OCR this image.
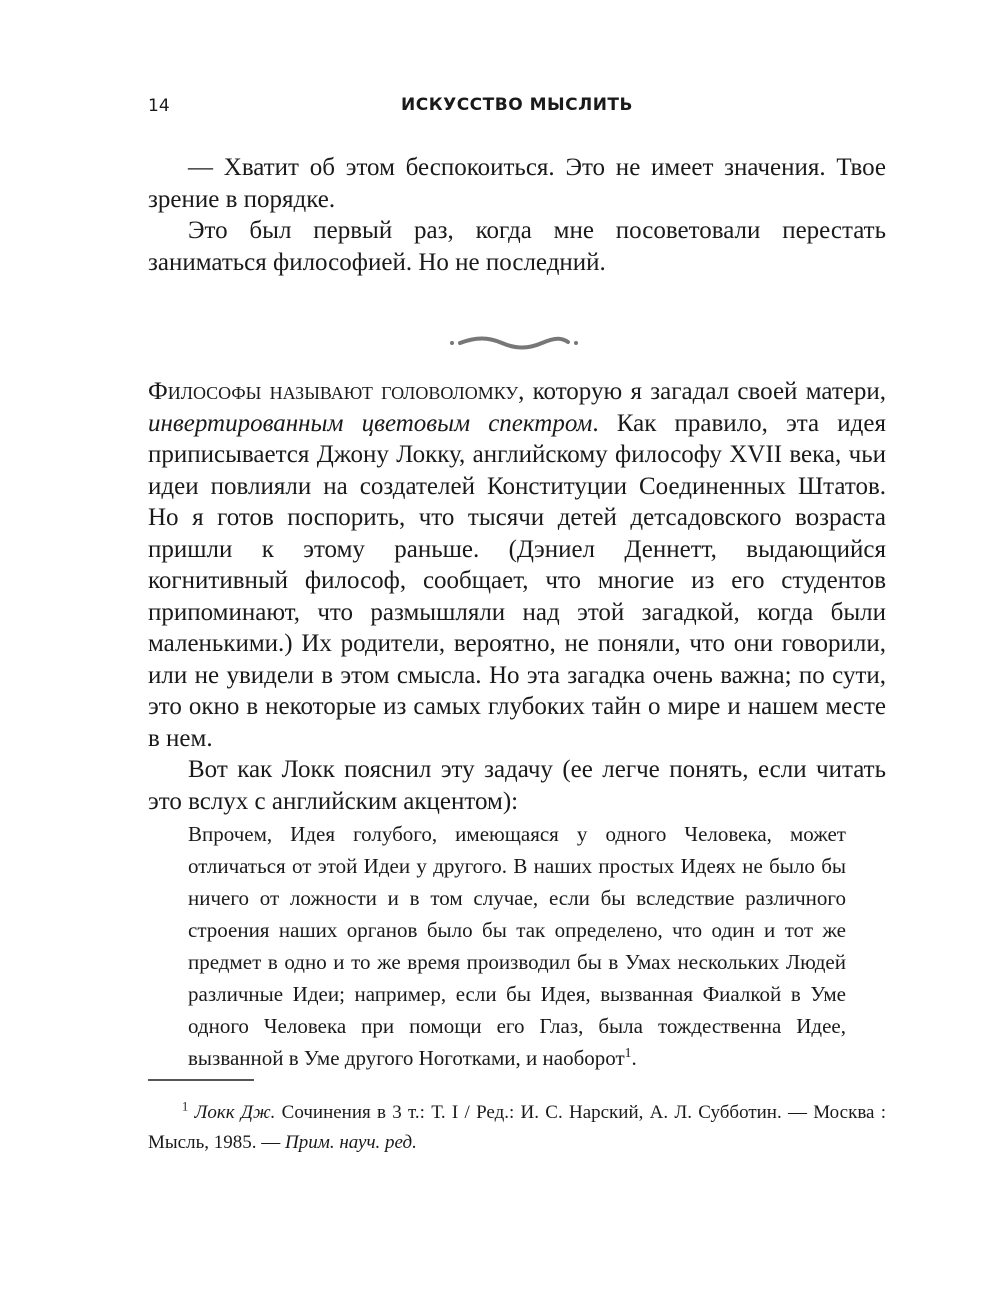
14	ИСКУССТВО МЫСЛИТЬ

— Хватит об этом беспокоиться. Это не имеет значения. Твое зрение в порядке.

Это был первый раз, когда мне посоветовали перестать заниматься философией. Но не последний.

Философы называют головоломку, которую я загадал своей матери, инвертированным цветовым спектром. Как правило, эта идея приписывается Джону Локку, английскому философу XVII века, чьи идеи повлияли на создателей Конституции Соединенных Штатов. Но я готов поспорить, что тысячи детей детсадовского возраста пришли к этому раньше. (Дэниел Деннетт, выдающийся когнитивный философ, сообщает, что многие из его студентов припоминают, что размышляли над этой загадкой, когда были маленькими.) Их родители, вероятно, не поняли, что они говорили, или не увидели в этом смысла. Но эта загадка очень важна; по сути, это окно в некоторые из самых глубоких тайн о мире и нашем месте в нем.

Вот как Локк пояснил эту задачу (ее легче понять, если читать это вслух с английским акцентом):

Впрочем, Идея голубого, имеющаяся у одного Человека, может отличаться от этой Идеи у другого. В наших простых Идеях не было бы ничего от ложности и в том случае, если бы вследствие различного строения наших органов было бы так определено, что один и тот же предмет в одно и то же время производил бы в Умах нескольких Людей различные Идеи; например, если бы Идея, вызванная Фиалкой в Уме одного Человека при помощи его Глаз, была тождественна Идее, вызванной в Уме другого Ноготками, и наоборот$^1$.

$^1$ Локк Дж. Сочинения в 3 т.: Т. I / Ред.: И. С. Нарский, А. Л. Субботин. — Москва : Мысль, 1985. — Прим. науч. ред.
